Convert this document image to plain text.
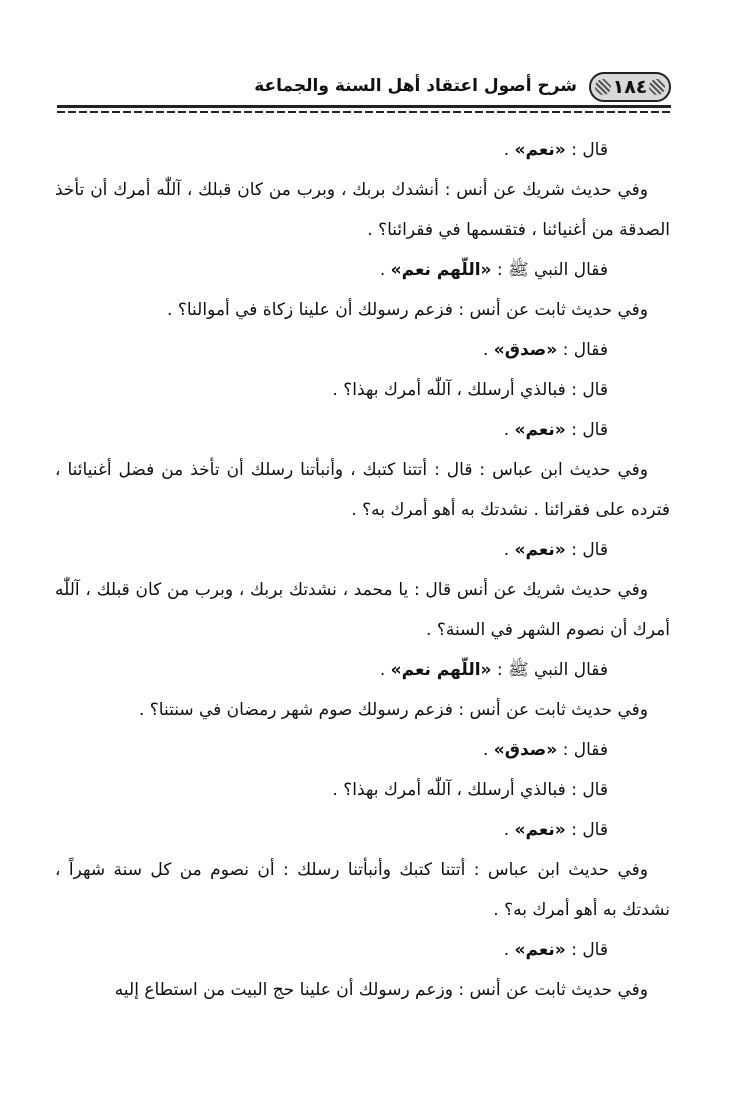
١٨٤
شرح أصول اعتقاد أهل السنة والجماعة

قال : «نعم» .

وفي حديث شريك عن أنس : أنشدك بربك ، وبرب من كان قبلك ، آللّٰه أمرك أن تأخذ الصدقة من أغنيائنا ، فتقسمها في فقرائنا؟ .

فقال النبي ﷺ : «اللّهم نعم» .

وفي حديث ثابت عن أنس : فزعم رسولك أن علينا زكاة في أموالنا؟ .

فقال : «صدق» .

قال : فبالذي أرسلك ، آللّٰه أمرك بهذا؟ .

قال : «نعم» .

وفي حديث ابن عباس : قال : أتتنا كتبك ، وأنبأتنا رسلك أن تأخذ من فضل أغنيائنا ، فترده على فقرائنا . نشدتك به أهو أمرك به؟ .

قال : «نعم» .

وفي حديث شريك عن أنس قال : يا محمد ، نشدتك بربك ، وبرب من كان قبلك ، آللّٰه أمرك أن نصوم الشهر في السنة؟ .

فقال النبي ﷺ : «اللّهم نعم» .

وفي حديث ثابت عن أنس : فزعم رسولك صوم شهر رمضان في سنتنا؟ .

فقال : «صدق» .

قال : فبالذي أرسلك ، آللّٰه أمرك بهذا؟ .

قال : «نعم» .

وفي حديث ابن عباس : أتتنا كتبك وأنبأتنا رسلك : أن نصوم من كل سنة شهراً ، نشدتك به أهو أمرك به؟ .

قال : «نعم» .

وفي حديث ثابت عن أنس : وزعم رسولك أن علينا حج البيت من استطاع إليه
